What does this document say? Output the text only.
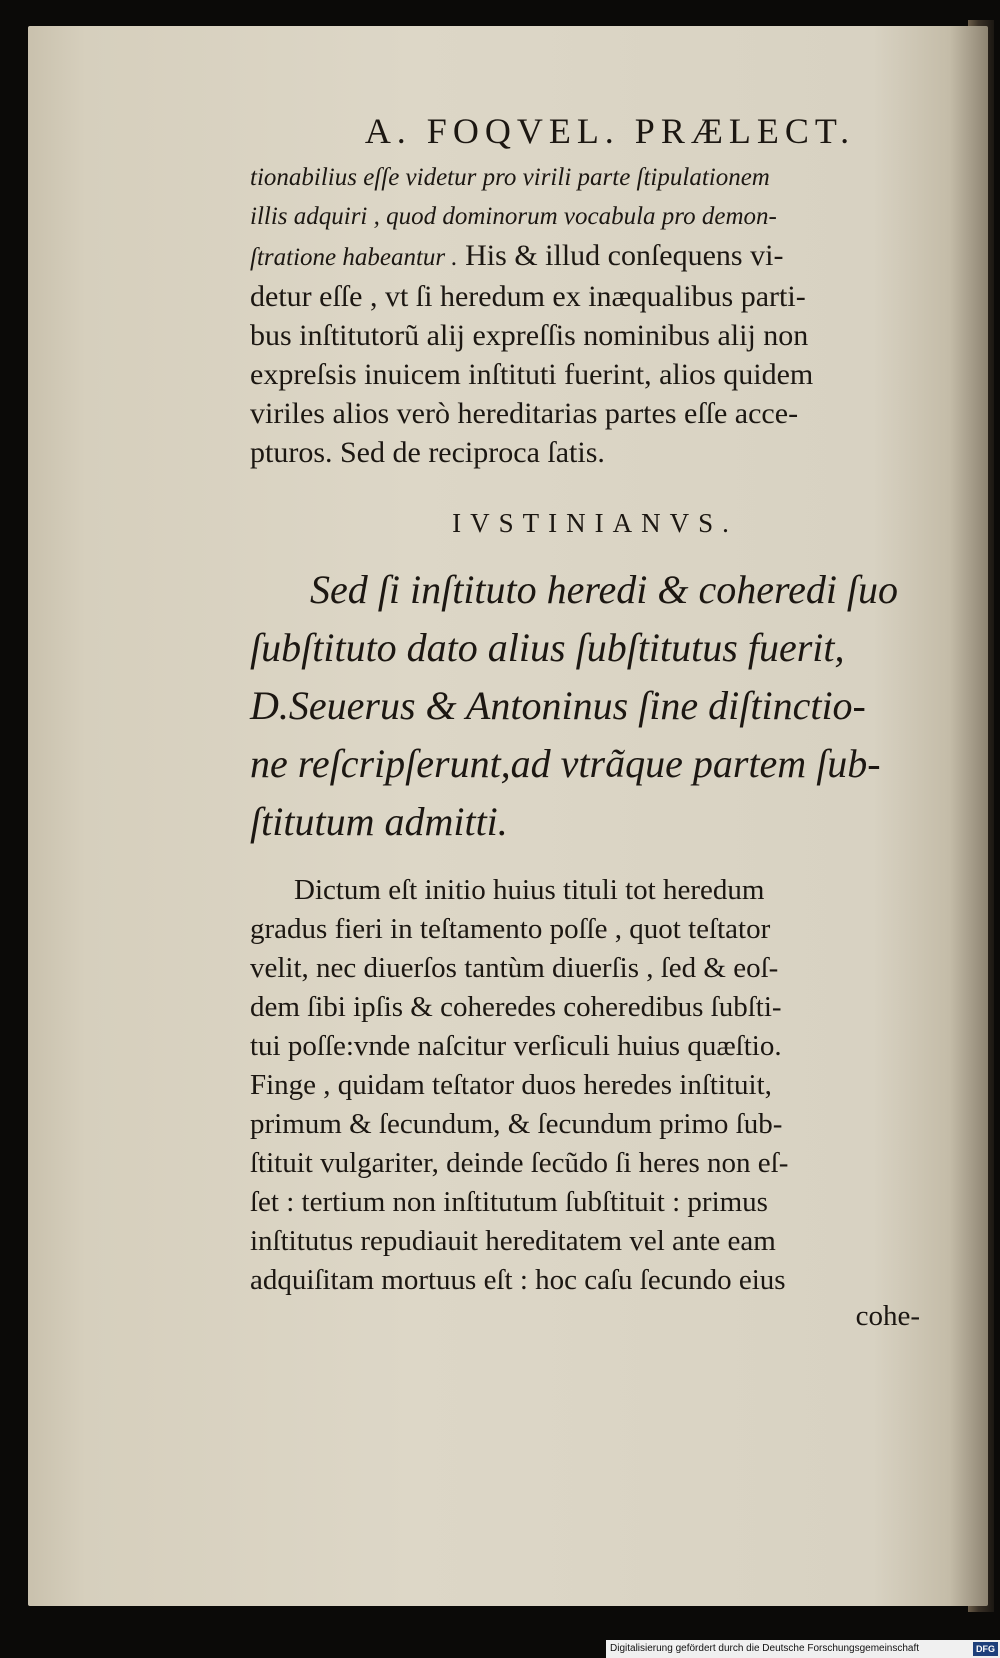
A. FOQVEL. PRÆLECT.

tionabilius eſſe videtur pro virili parte ſtipulationem

illis adquiri , quod dominorum vocabula pro demon-

ſtratione habeantur . His & illud conſequens vi-

detur eſſe , vt ſi heredum ex inæqualibus parti-

bus inſtitutorũ alij expreſſis nominibus alij non

expreſsis inuicem inſtituti fuerint, alios quidem

viriles alios verò hereditarias partes eſſe acce-

pturos. Sed de reciproca ſatis.

IVSTINIANVS.

Sed ſi inſtituto heredi & coheredi ſuo

ſubſtituto dato alius ſubſtitutus fuerit,

D.Seuerus & Antoninus ſine diſtinctio-

ne reſcripſerunt,ad vtrãque partem ſub-

ſtitutum admitti.

Dictum eſt initio huius tituli tot heredum

gradus fieri in teſtamento poſſe , quot teſtator

velit, nec diuerſos tantùm diuerſis , ſed & eoſ-

dem ſibi ipſis & coheredes coheredibus ſubſti-

tui poſſe:vnde naſcitur verſiculi huius quæſtio.

Finge , quidam teſtator duos heredes inſtituit,

primum & ſecundum, & ſecundum primo ſub-

ſtituit vulgariter, deinde ſecũdo ſi heres non eſ-

ſet : tertium non inſtitutum ſubſtituit : primus

inſtitutus repudiauit hereditatem vel ante eam

adquiſitam mortuus eſt : hoc caſu ſecundo eius

cohe-
Digitalisierung gefördert durch die Deutsche Forschungsgemeinschaft	DFG
